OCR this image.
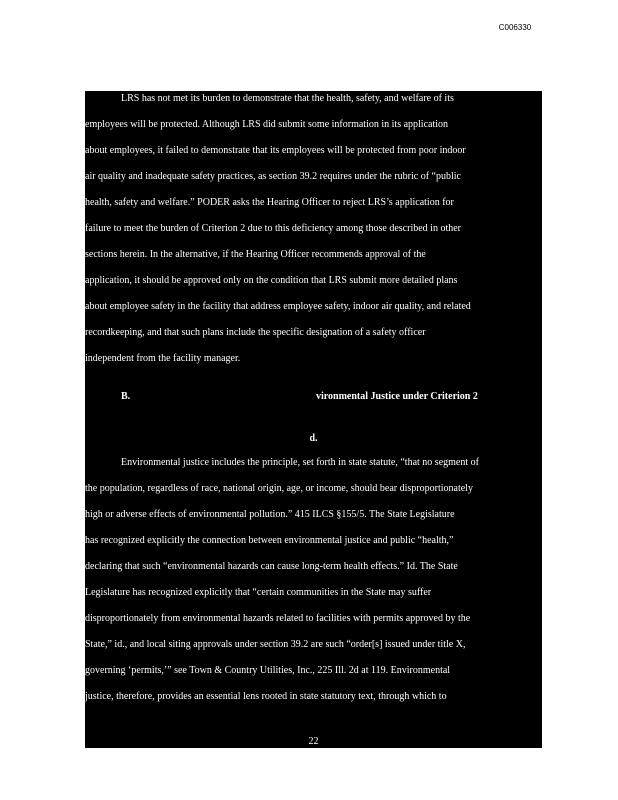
C006330
LRS has not met its burden to demonstrate that the health, safety, and welfare of its
employees will be protected. Although LRS did submit some information in its application
about employees, it failed to demonstrate that its employees will be protected from poor indoor
air quality and inadequate safety practices, as section 39.2 requires under the rubric of “public
health, safety and welfare.” PODER asks the Hearing Officer to reject LRS’s application for
failure to meet the burden of Criterion 2 due to this deficiency among those described in other
sections herein. In the alternative, if the Hearing Officer recommends approval of the
application, it should be approved only on the condition that LRS submit more detailed plans
about employee safety in the facility that address employee safety, indoor air quality, and related
recordkeeping, and that such plans include the specific designation of a safety officer
independent from the facility manager.
B.	vironmental Justice under Criterion 2
d.
Environmental justice includes the principle, set forth in state statute, “that no segment of
the population, regardless of race, national origin, age, or income, should bear disproportionately
high or adverse effects of environmental pollution.” 415 ILCS §155/5. The State Legislature
has recognized explicitly the connection between environmental justice and public “health,”
declaring that such “environmental hazards can cause long-term health effects.” Id. The State
Legislature has recognized explicitly that “certain communities in the State may suffer
disproportionately from environmental hazards related to facilities with permits approved by the
State,” id., and local siting approvals under section 39.2 are such “order[s] issued under title X,
governing ‘permits,’” see Town & Country Utilities, Inc., 225 Ill. 2d at 119. Environmental
justice, therefore, provides an essential lens rooted in state statutory text, through which to
22
